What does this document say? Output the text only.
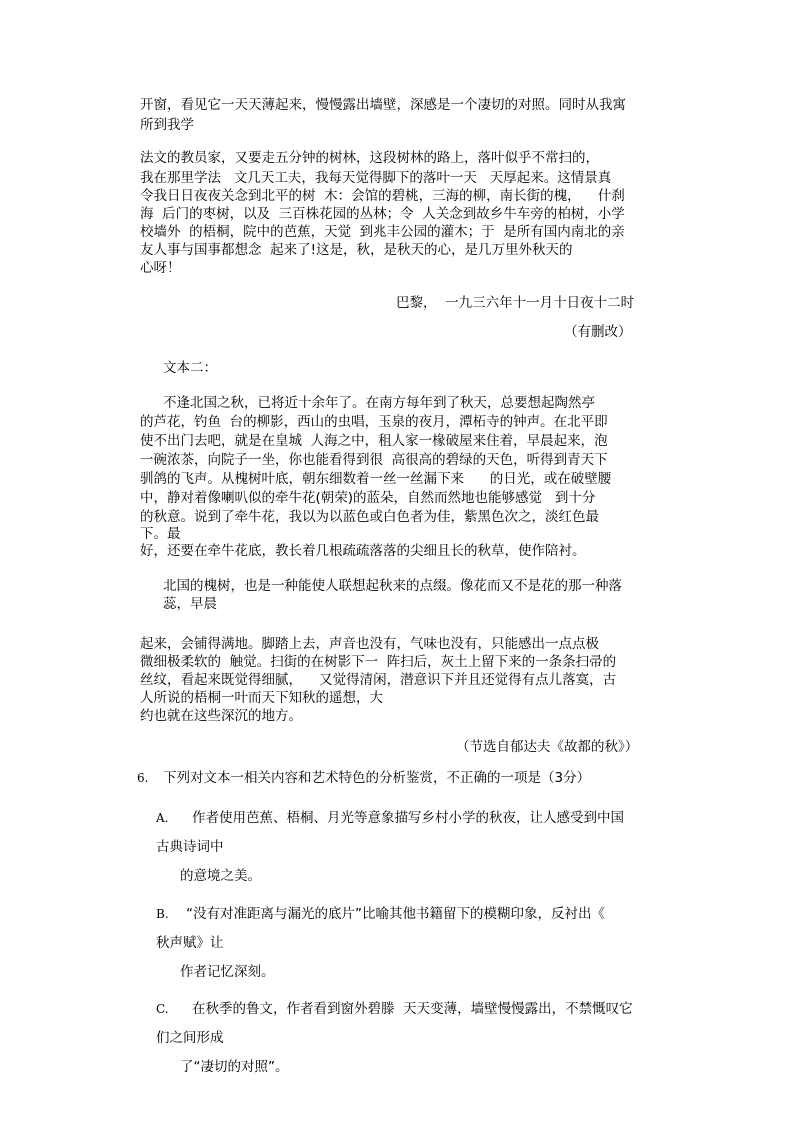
开窗，看见它一天天薄起来，慢慢露出墙壁，深感是一个凄切的对照。同时从我寓

所到我学

法文的教员家，又要走五分钟的树林，这段树林的路上，落叶似乎不常扫的，

我在那里学法   文几天工夫，我每天觉得脚下的落叶一天   天厚起来。这情景真

令我日日夜夜关念到北平的树  木：会馆的碧桃，三海的柳，南长街的槐，    什刹

海  后门的枣树，以及  三百株花园的丛林；令  人关念到故乡牛车旁的柏树，小学

校墙外  的梧桐，院中的芭蕉，天觉  到兆丰公园的灌木；于  是所有国内南北的亲

友人事与国事都想念  起来了!这是，秋，是秋天的心，是几万里外秋天的

心呀！

巴黎，  一九三六年十一月十日夜十二时

（有删改）

文本二：

不逢北国之秋，已将近十余年了。在南方每年到了秋天，总要想起陶然亭

的芦花，钓鱼  台的柳影，西山的虫唱，玉泉的夜月，潭柘寺的钟声。在北平即

使不出门去吧，就是在皇城  人海之中，租人家一椽破屋来住着，早晨起来，泡

一碗浓茶，向院子一坐，你也能看得到很  高很高的碧绿的天色，听得到青天下

驯鸽的飞声。从槐树叶底，朝东细数着一丝一丝漏下来      的日光，或在破壁腰

中，静对着像喇叭似的牵牛花(朝荣)的蓝朵，自然而然地也能够感觉   到十分

的秋意。说到了牵牛花，我以为以蓝色或白色者为佳，紫黑色次之，淡红色最

下。最

好，还要在牵牛花底，教长着几根疏疏落落的尖细且长的秋草，使作陪衬。

北国的槐树，也是一种能使人联想起秋来的点缀。像花而又不是花的那一种落

蕊，早晨

起来，会铺得满地。脚踏上去，声音也没有，气味也没有，只能感出一点点极

微细极柔软的  触觉。扫街的在树影下一  阵扫后，灰土上留下来的一条条扫帚的

丝纹，看起来既觉得细腻，    又觉得清闲，潜意识下并且还觉得有点儿落寞，古

人所说的梧桐一叶而天下知秋的遥想，大

约也就在这些深沉的地方。

（节选自郁达夫《故都的秋》）

6. 下列对文本一相关内容和艺术特色的分析鉴赏，不正确的一项是（3分）

A. 作者使用芭蕉、梧桐、月光等意象描写乡村小学的秋夜，让人感受到中国

古典诗词中

的意境之美。

B. “没有对准距离与漏光的底片”比喻其他书籍留下的模糊印象，反衬出《

秋声赋》让

作者记忆深刻。

C. 在秋季的鲁文，作者看到窗外碧滕  天天变薄，墙壁慢慢露出，不禁慨叹它

们之间形成

了“凄切的对照”。
